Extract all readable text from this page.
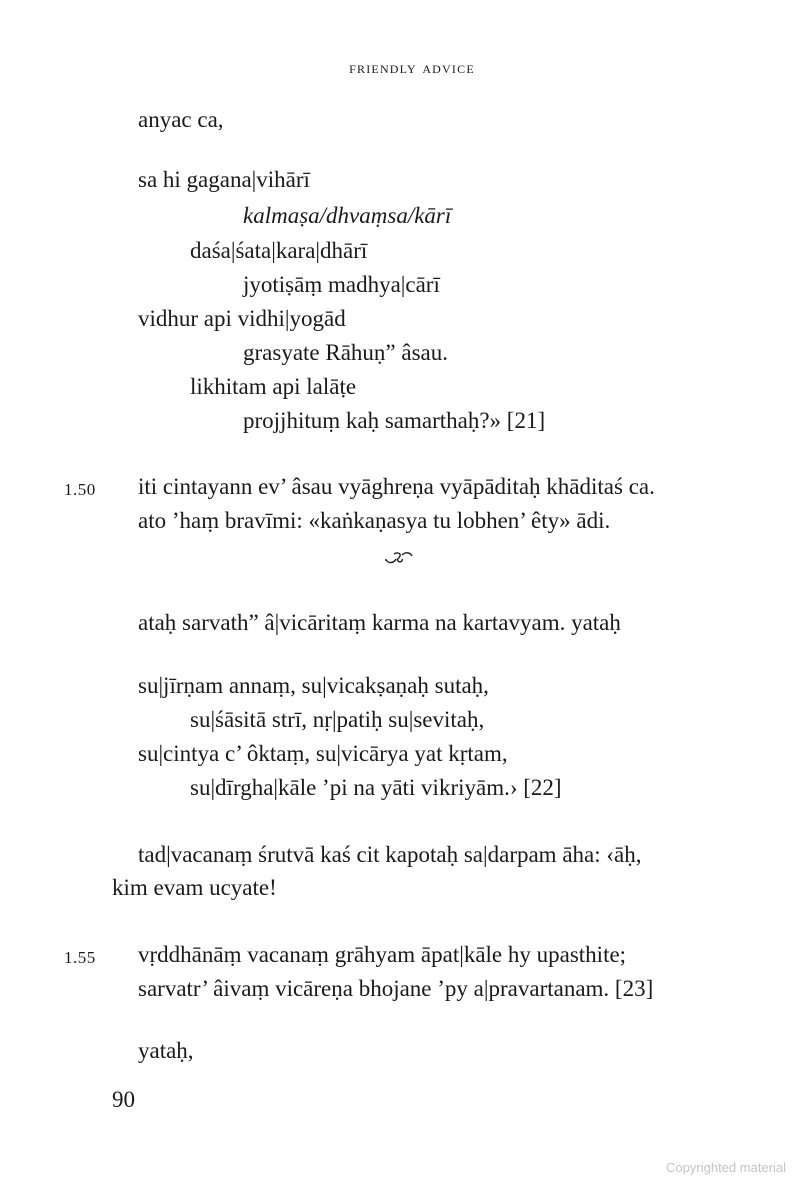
friendly advice
anyac ca,
sa hi gagana|vihārī
kalmaṣa/dhvaṃsa/kārī
daśa|śata|kara|dhārī
jyotiṣāṃ madhya|cārī
vidhur api vidhi|yogād
grasyate Rāhuṇ” âsau.
likhitam api lalāṭe
projjhituṃ kaḥ samarthaḥ?» [21]
1.50 iti cintayann ev’ âsau vyāghreṇa vyāpāditaḥ khāditaś ca.
ato ’haṃ bravīmi: «kaṅkaṇasya tu lobhen’ êty» ādi.
ataḥ sarvath” â|vicāritaṃ karma na kartavyam. yataḥ
su|jīrṇam annaṃ, su|vicakṣaṇaḥ sutaḥ,
su|śāsitā strī, nṛ|patiḥ su|sevitaḥ,
su|cintya c’ ôktaṃ, su|vicārya yat kṛtam,
su|dīrgha|kāle ’pi na yāti vikriyām.› [22]
tad|vacanaṃ śrutvā kaś cit kapotaḥ sa|darpam āha: ‹āḥ,
kim evam ucyate!
1.55 vṛddhānāṃ vacanaṃ grāhyam āpat|kāle hy upasthite;
sarvatr’ âivaṃ vicāreṇa bhojane ’py a|pravartanam. [23]
yataḥ,
90
Copyrighted material
